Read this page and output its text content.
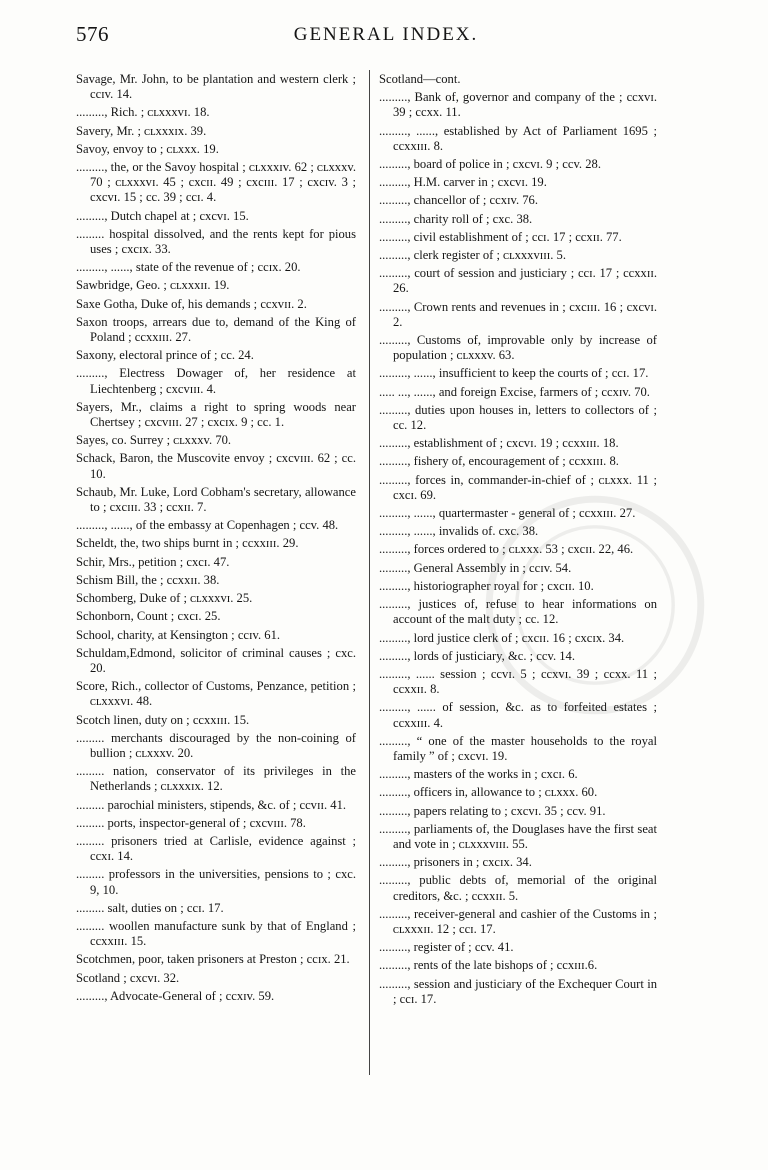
576	GENERAL INDEX.

Savage, Mr. John, to be plantation and western clerk ; ccɪv. 14.

........., Rich. ; ᴄʟxxxvɪ. 18.

Savery, Mr. ; ᴄʟxxxɪx. 39.

Savoy, envoy to ; ᴄʟxxx. 19.

........., the, or the Savoy hospital ; ᴄʟxxxɪv. 62 ; ᴄʟxxxv. 70 ; ᴄʟxxxvɪ. 45 ; cxcɪɪ. 49 ; cxcɪɪɪ. 17 ; cxcɪv. 3 ; cxcvɪ. 15 ; cc. 39 ; ccɪ. 4.

........., Dutch chapel at ; cxcvɪ. 15.

......... hospital dissolved, and the rents kept for pious uses ; cxcɪx. 33.

........., ......, state of the revenue of ; ccɪx. 20.

Sawbridge, Geo. ; ᴄʟxxxɪɪ. 19.

Saxe Gotha, Duke of, his demands ; ccxvɪɪ. 2.

Saxon troops, arrears due to, demand of the King of Poland ; ccxxɪɪɪ. 27.

Saxony, electoral prince of ; cc. 24.

........., Electress Dowager of, her residence at Liechtenberg ; cxcvɪɪɪ. 4.

Sayers, Mr., claims a right to spring woods near Chertsey ; cxcvɪɪɪ. 27 ; cxcɪx. 9 ; cc. 1.

Sayes, co. Surrey ; ᴄʟxxxv. 70.

Schack, Baron, the Muscovite envoy ; cxcvɪɪɪ. 62 ; cc. 10.

Schaub, Mr. Luke, Lord Cobham's secretary, allowance to ; cxcɪɪɪ. 33 ; ccxɪɪ. 7.

........., ......, of the embassy at Copenhagen ; ccv. 48.

Scheldt, the, two ships burnt in ; ccxxɪɪɪ. 29.

Schir, Mrs., petition ; cxcɪ. 47.

Schism Bill, the ; ccxxɪɪ. 38.

Schomberg, Duke of ; ᴄʟxxxvɪ. 25.

Schonborn, Count ; cxcɪ. 25.

School, charity, at Kensington ; ccɪv. 61.

Schuldam,Edmond, solicitor of criminal causes ; cxc. 20.

Score, Rich., collector of Customs, Penzance, petition ; ᴄʟxxxvɪ. 48.

Scotch linen, duty on ; ccxxɪɪɪ. 15.

......... merchants discouraged by the non-coining of bullion ; ᴄʟxxxv. 20.

......... nation, conservator of its privileges in the Netherlands ; ᴄʟxxxɪx. 12.

......... parochial ministers, stipends, &c. of ; ccvɪɪ. 41.

......... ports, inspector-general of ; cxcvɪɪɪ. 78.

......... prisoners tried at Carlisle, evidence against ; ccxɪ. 14.

......... professors in the universities, pensions to ; cxc. 9, 10.

......... salt, duties on ; ccɪ. 17.

......... woollen manufacture sunk by that of England ; ccxxɪɪɪ. 15.

Scotchmen, poor, taken prisoners at Preston ; ccɪx. 21.

Scotland ; cxcvɪ. 32.

........., Advocate-General of ; ccxɪv. 59.

Scotland—cont.

........., Bank of, governor and company of the ; ccxvɪ. 39 ; ccxx. 11.

........., ......, established by Act of Parliament 1695 ; ccxxɪɪɪ. 8.

........., board of police in ; cxcvɪ. 9 ; ccv. 28.

........., H.M. carver in ; cxcvɪ. 19.

........., chancellor of ; ccxɪv. 76.

........., charity roll of ; cxc. 38.

........., civil establishment of ; ccɪ. 17 ; ccxɪɪ. 77.

........., clerk register of ; ᴄʟxxxvɪɪɪ. 5.

........., court of session and justiciary ; ccɪ. 17 ; ccxxɪɪ. 26.

........., Crown rents and revenues in ; cxcɪɪɪ. 16 ; cxcvɪ. 2.

........., Customs of, improvable only by increase of population ; ᴄʟxxxv. 63.

........., ......, insufficient to keep the courts of ; ccɪ. 17.

..... ..., ......, and foreign Excise, farmers of ; ccxɪv. 70.

........., duties upon houses in, letters to collectors of ; cc. 12.

........., establishment of ; cxcvɪ. 19 ; ccxxɪɪɪ. 18.

........., fishery of, encouragement of ; ccxxɪɪɪ. 8.

........., forces in, commander-in-chief of ; ᴄʟxxx. 11 ; cxcɪ. 69.

........., ......, quartermaster - general of ; ccxxɪɪɪ. 27.

........., ......, invalids of. cxc. 38.

........., forces ordered to ; ᴄʟxxx. 53 ; cxcɪɪ. 22, 46.

........., General Assembly in ; ccɪv. 54.

........., historiographer royal for ; cxcɪɪ. 10.

........., justices of, refuse to hear informations on account of the malt duty ; cc. 12.

........., lord justice clerk of ; cxcɪɪ. 16 ; cxcɪx. 34.

........., lords of justiciary, &c. ; ccv. 14.

........., ...... session ; ccvɪ. 5 ; ccxvɪ. 39 ; ccxx. 11 ; ccxxɪɪ. 8.

........., ...... of session, &c. as to forfeited estates ; ccxxɪɪɪ. 4.

........., “ one of the master households to the royal family ” of ; cxcvɪ. 19.

........., masters of the works in ; cxcɪ. 6.

........., officers in, allowance to ; ᴄʟxxx. 60.

........., papers relating to ; cxcvɪ. 35 ; ccv. 91.

........., parliaments of, the Douglases have the first seat and vote in ; ᴄʟxxxvɪɪɪ. 55.

........., prisoners in ; cxcɪx. 34.

........., public debts of, memorial of the original creditors, &c. ; ccxxɪɪ. 5.

........., receiver-general and cashier of the Customs in ; ᴄʟxxxɪɪ. 12 ; ccɪ. 17.

........., register of ; ccv. 41.

........., rents of the late bishops of ; ccxɪɪɪ.6.

........., session and justiciary of the Exchequer Court in ; ccɪ. 17.
